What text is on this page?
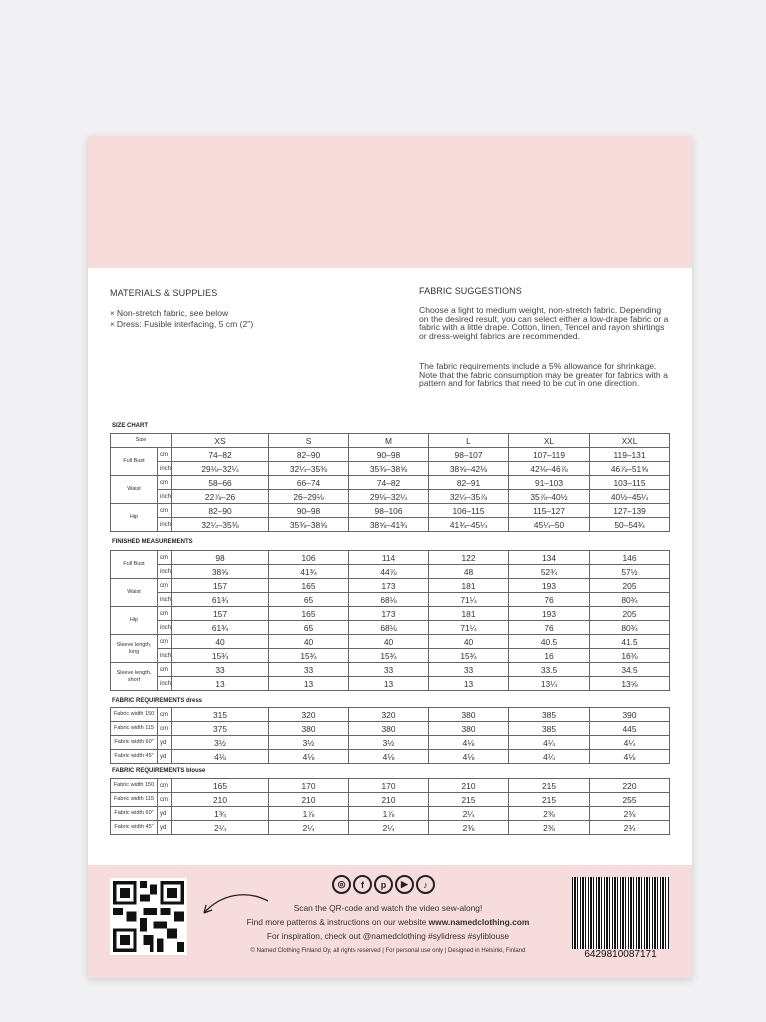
MATERIALS & SUPPLIES
× Non-stretch fabric, see below
× Dress: Fusible interfacing, 5 cm (2")
FABRIC SUGGESTIONS
Choose a light to medium weight, non-stretch fabric. Depending on the desired result, you can select either a low-drape fabric or a fabric with a little drape. Cotton, linen, Tencel and rayon shirtings or dress-weight fabrics are recommended.
The fabric requirements include a 5% allowance for shrinkage. Note that the fabric consumption may be greater for fabrics with a pattern and for fabrics that need to be cut in one direction.
SIZE CHART
Size		XS	S	M	L	XL	XXL
Full Bust	cm	74–82	82–90	90–98	98–107	107–119	119–131
	inch	29⅛–32¼	32¼–35⅜	35⅜–38⅝	38⅝–42⅛	42⅛–46⅞	46⅞–51⅝
Waist	cm	58–66	66–74	74–82	82–91	91–103	103–115
	inch	22⅞–26	26–29⅛	29⅛–32¼	32¼–35⅞	35⅞–40½	40½–45¼
Hip	cm	82–90	90–98	98–106	106–115	115–127	127–139
	inch	32¼–35⅜	35⅜–38⅝	38⅝–41¾	41¾–45¼	45¼–50	50–54¾
FINISHED MEASUREMENTS
Full Bust	cm	98	106	114	122	134	146
	inch	38⅝	41¾	44⅞	48	52¾	57½
Waist	cm	157	165	173	181	193	205
	inch	61¾	65	68⅛	71¼	76	80¾
Hip	cm	157	165	173	181	193	205
	inch	61¾	65	68⅛	71¼	76	80¾
Sleeve length, long	cm	40	40	40	40	40.5	41.5
	inch	15¾	15¾	15¾	15¾	16	16⅜
Sleeve length, short	cm	33	33	33	33	33.5	34.5
	inch	13	13	13	13	13¼	13⅝
FABRIC REQUIREMENTS dress
Fabric width 150	cm	315	320	320	380	385	390
Fabric width 115	cm	375	380	380	380	385	445
Fabric width 60"	yd	3½	3½	3½	4⅛	4¼	4¼
Fabric width 45"	yd	4⅛	4⅛	4⅛	4⅛	4¼	4⅛
FABRIC REQUIREMENTS blouse
Fabric width 150	cm	165	170	170	210	215	220
Fabric width 115	cm	210	210	210	215	215	255
Fabric width 60"	yd	1¾	1⅞	1⅞	2¼	2⅜	2⅜
Fabric width 45"	yd	2¼	2¼	2¼	2⅜	2⅜	2¾
◎	f	p	▶	♪
Scan the QR-code and watch the video sew-along!
Find more patterns & instructions on our website www.namedclothing.com
For inspiration, check out @namedclothing #sylidress #syliblouse
© Named Clothing Finland Oy, all rights reserved | For personal use only | Designed in Helsinki, Finland	6429810087171
